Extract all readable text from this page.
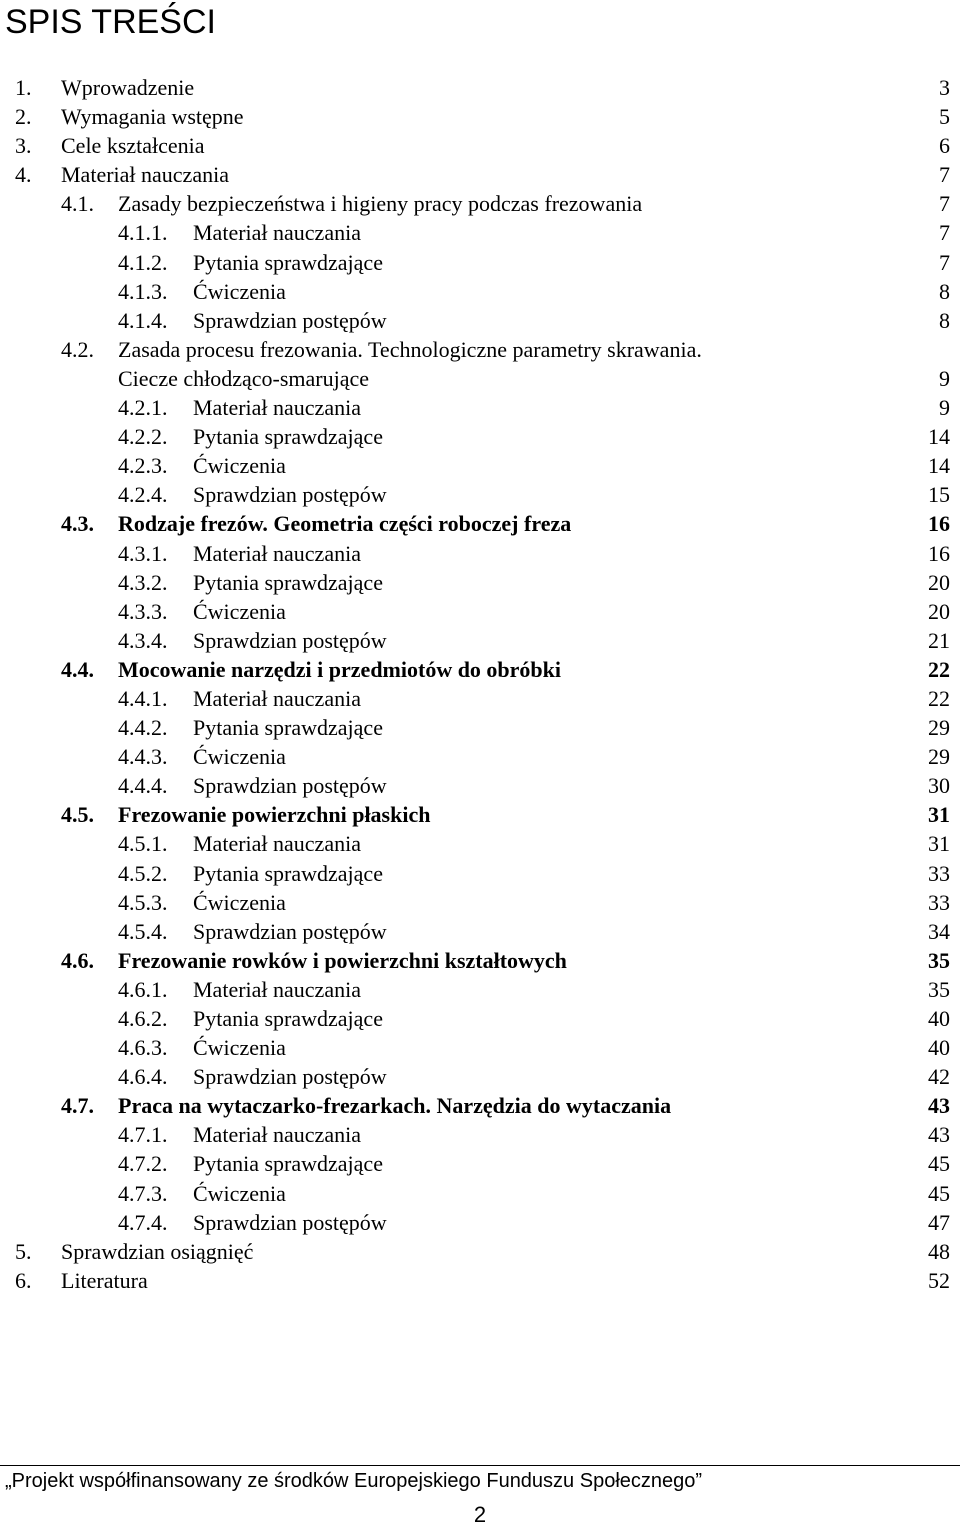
SPIS TREŚCI
1. Wprowadzenie	3
2. Wymagania wstępne	5
3. Cele kształcenia	6
4. Materiał nauczania	7
4.1. Zasady bezpieczeństwa i higieny pracy podczas frezowania	7
4.1.1. Materiał nauczania	7
4.1.2. Pytania sprawdzające	7
4.1.3. Ćwiczenia	8
4.1.4. Sprawdzian postępów	8
4.2. Zasada procesu frezowania. Technologiczne parametry skrawania.
Ciecze chłodząco-smarujące	9
4.2.1. Materiał nauczania	9
4.2.2. Pytania sprawdzające	14
4.2.3. Ćwiczenia	14
4.2.4. Sprawdzian postępów	15
4.3. Rodzaje frezów. Geometria części roboczej freza	16
4.3.1. Materiał nauczania	16
4.3.2. Pytania sprawdzające	20
4.3.3. Ćwiczenia	20
4.3.4. Sprawdzian postępów	21
4.4. Mocowanie narzędzi i przedmiotów do obróbki	22
4.4.1. Materiał nauczania	22
4.4.2. Pytania sprawdzające	29
4.4.3. Ćwiczenia	29
4.4.4. Sprawdzian postępów	30
4.5. Frezowanie powierzchni płaskich	31
4.5.1. Materiał nauczania	31
4.5.2. Pytania sprawdzające	33
4.5.3. Ćwiczenia	33
4.5.4. Sprawdzian postępów	34
4.6. Frezowanie rowków i powierzchni kształtowych	35
4.6.1. Materiał nauczania	35
4.6.2. Pytania sprawdzające	40
4.6.3. Ćwiczenia	40
4.6.4. Sprawdzian postępów	42
4.7. Praca na wytaczarko-frezarkach. Narzędzia do wytaczania	43
4.7.1. Materiał nauczania	43
4.7.2. Pytania sprawdzające	45
4.7.3. Ćwiczenia	45
4.7.4. Sprawdzian postępów	47
5. Sprawdzian osiągnięć	48
6. Literatura	52
„Projekt współfinansowany ze środków Europejskiego Funduszu Społecznego”
2
